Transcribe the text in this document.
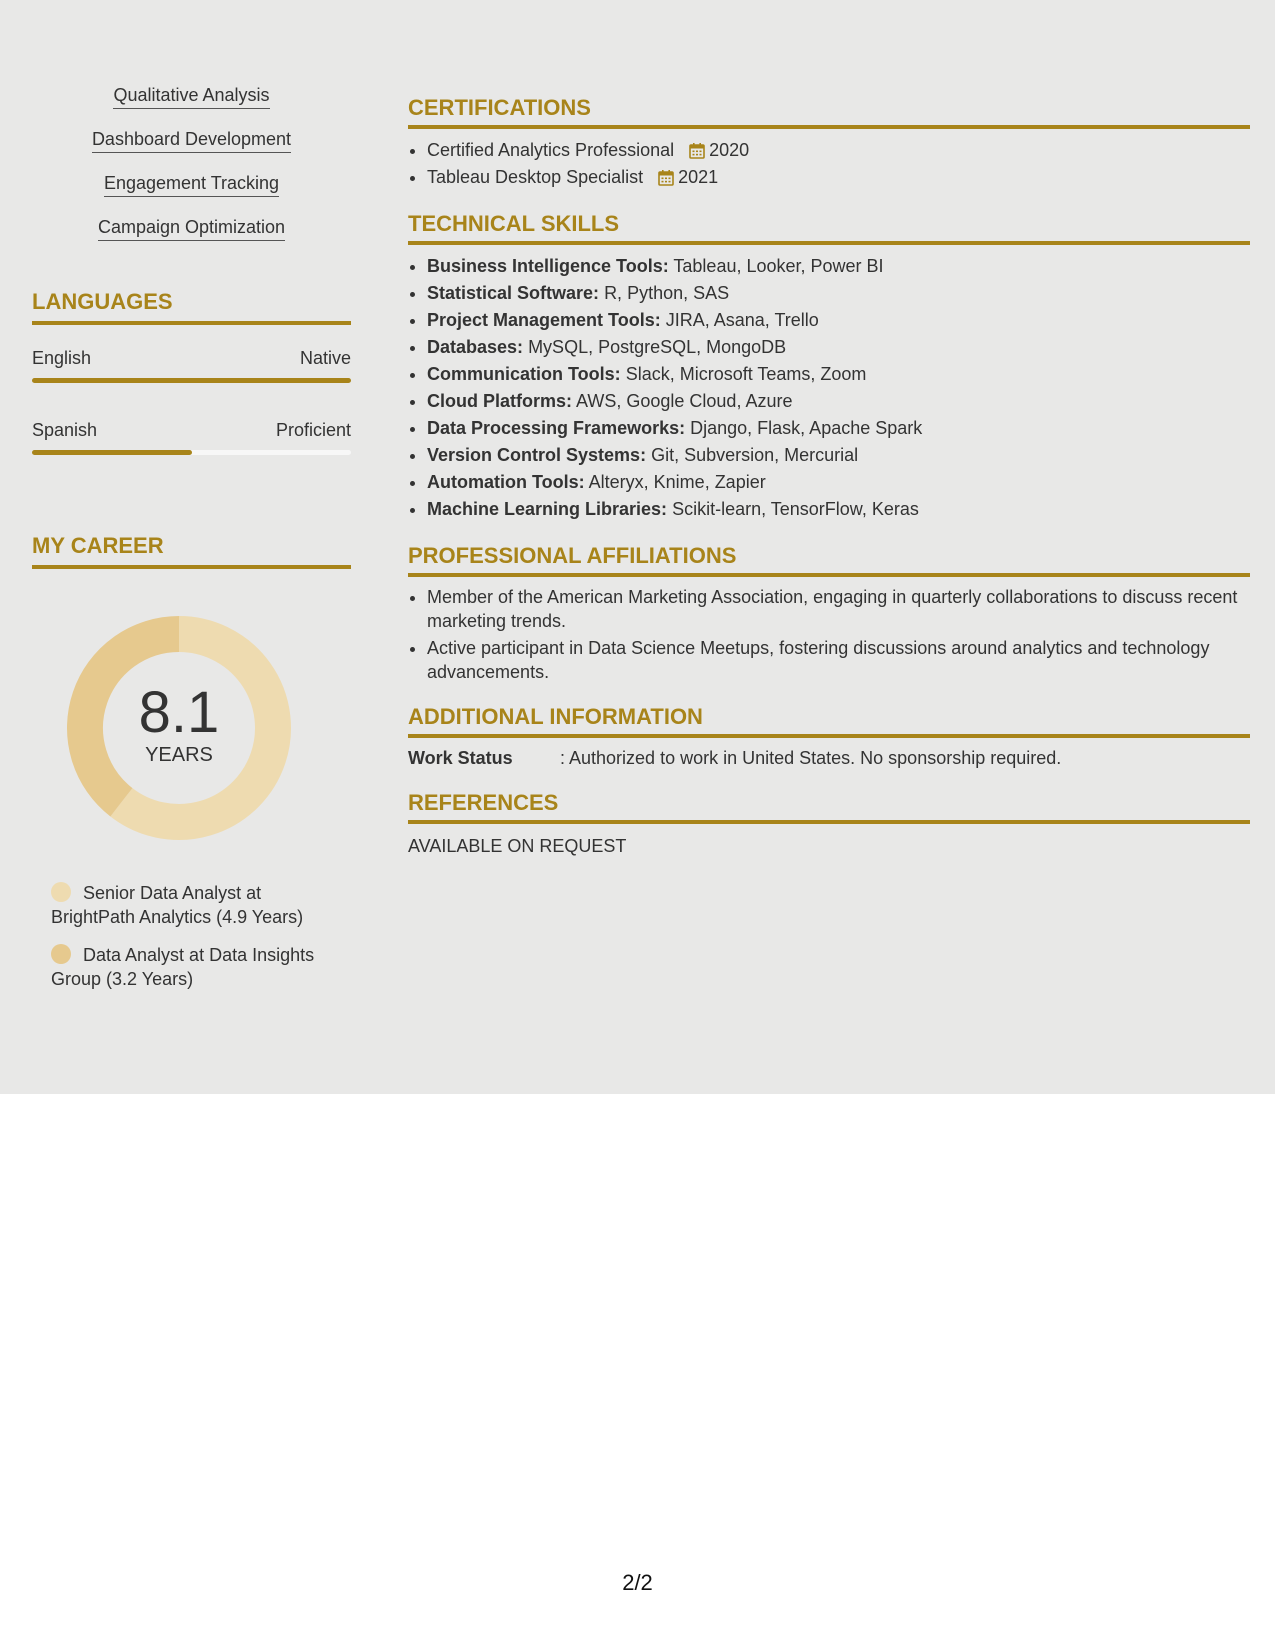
Qualitative Analysis
Dashboard Development
Engagement Tracking
Campaign Optimization
LANGUAGES
English	Native
Spanish	Proficient
MY CAREER
8.1
YEARS
Senior Data Analyst at BrightPath Analytics (4.9 Years)
Data Analyst at Data Insights Group (3.2 Years)
CERTIFICATIONS
• Certified Analytics Professional 2020
• Tableau Desktop Specialist 2021
TECHNICAL SKILLS
• Business Intelligence Tools: Tableau, Looker, Power BI
• Statistical Software: R, Python, SAS
• Project Management Tools: JIRA, Asana, Trello
• Databases: MySQL, PostgreSQL, MongoDB
• Communication Tools: Slack, Microsoft Teams, Zoom
• Cloud Platforms: AWS, Google Cloud, Azure
• Data Processing Frameworks: Django, Flask, Apache Spark
• Version Control Systems: Git, Subversion, Mercurial
• Automation Tools: Alteryx, Knime, Zapier
• Machine Learning Libraries: Scikit-learn, TensorFlow, Keras
PROFESSIONAL AFFILIATIONS
• Member of the American Marketing Association, engaging in quarterly collaborations to discuss recent marketing trends.
• Active participant in Data Science Meetups, fostering discussions around analytics and technology advancements.
ADDITIONAL INFORMATION
Work Status	: Authorized to work in United States. No sponsorship required.
REFERENCES
AVAILABLE ON REQUEST
2/2
